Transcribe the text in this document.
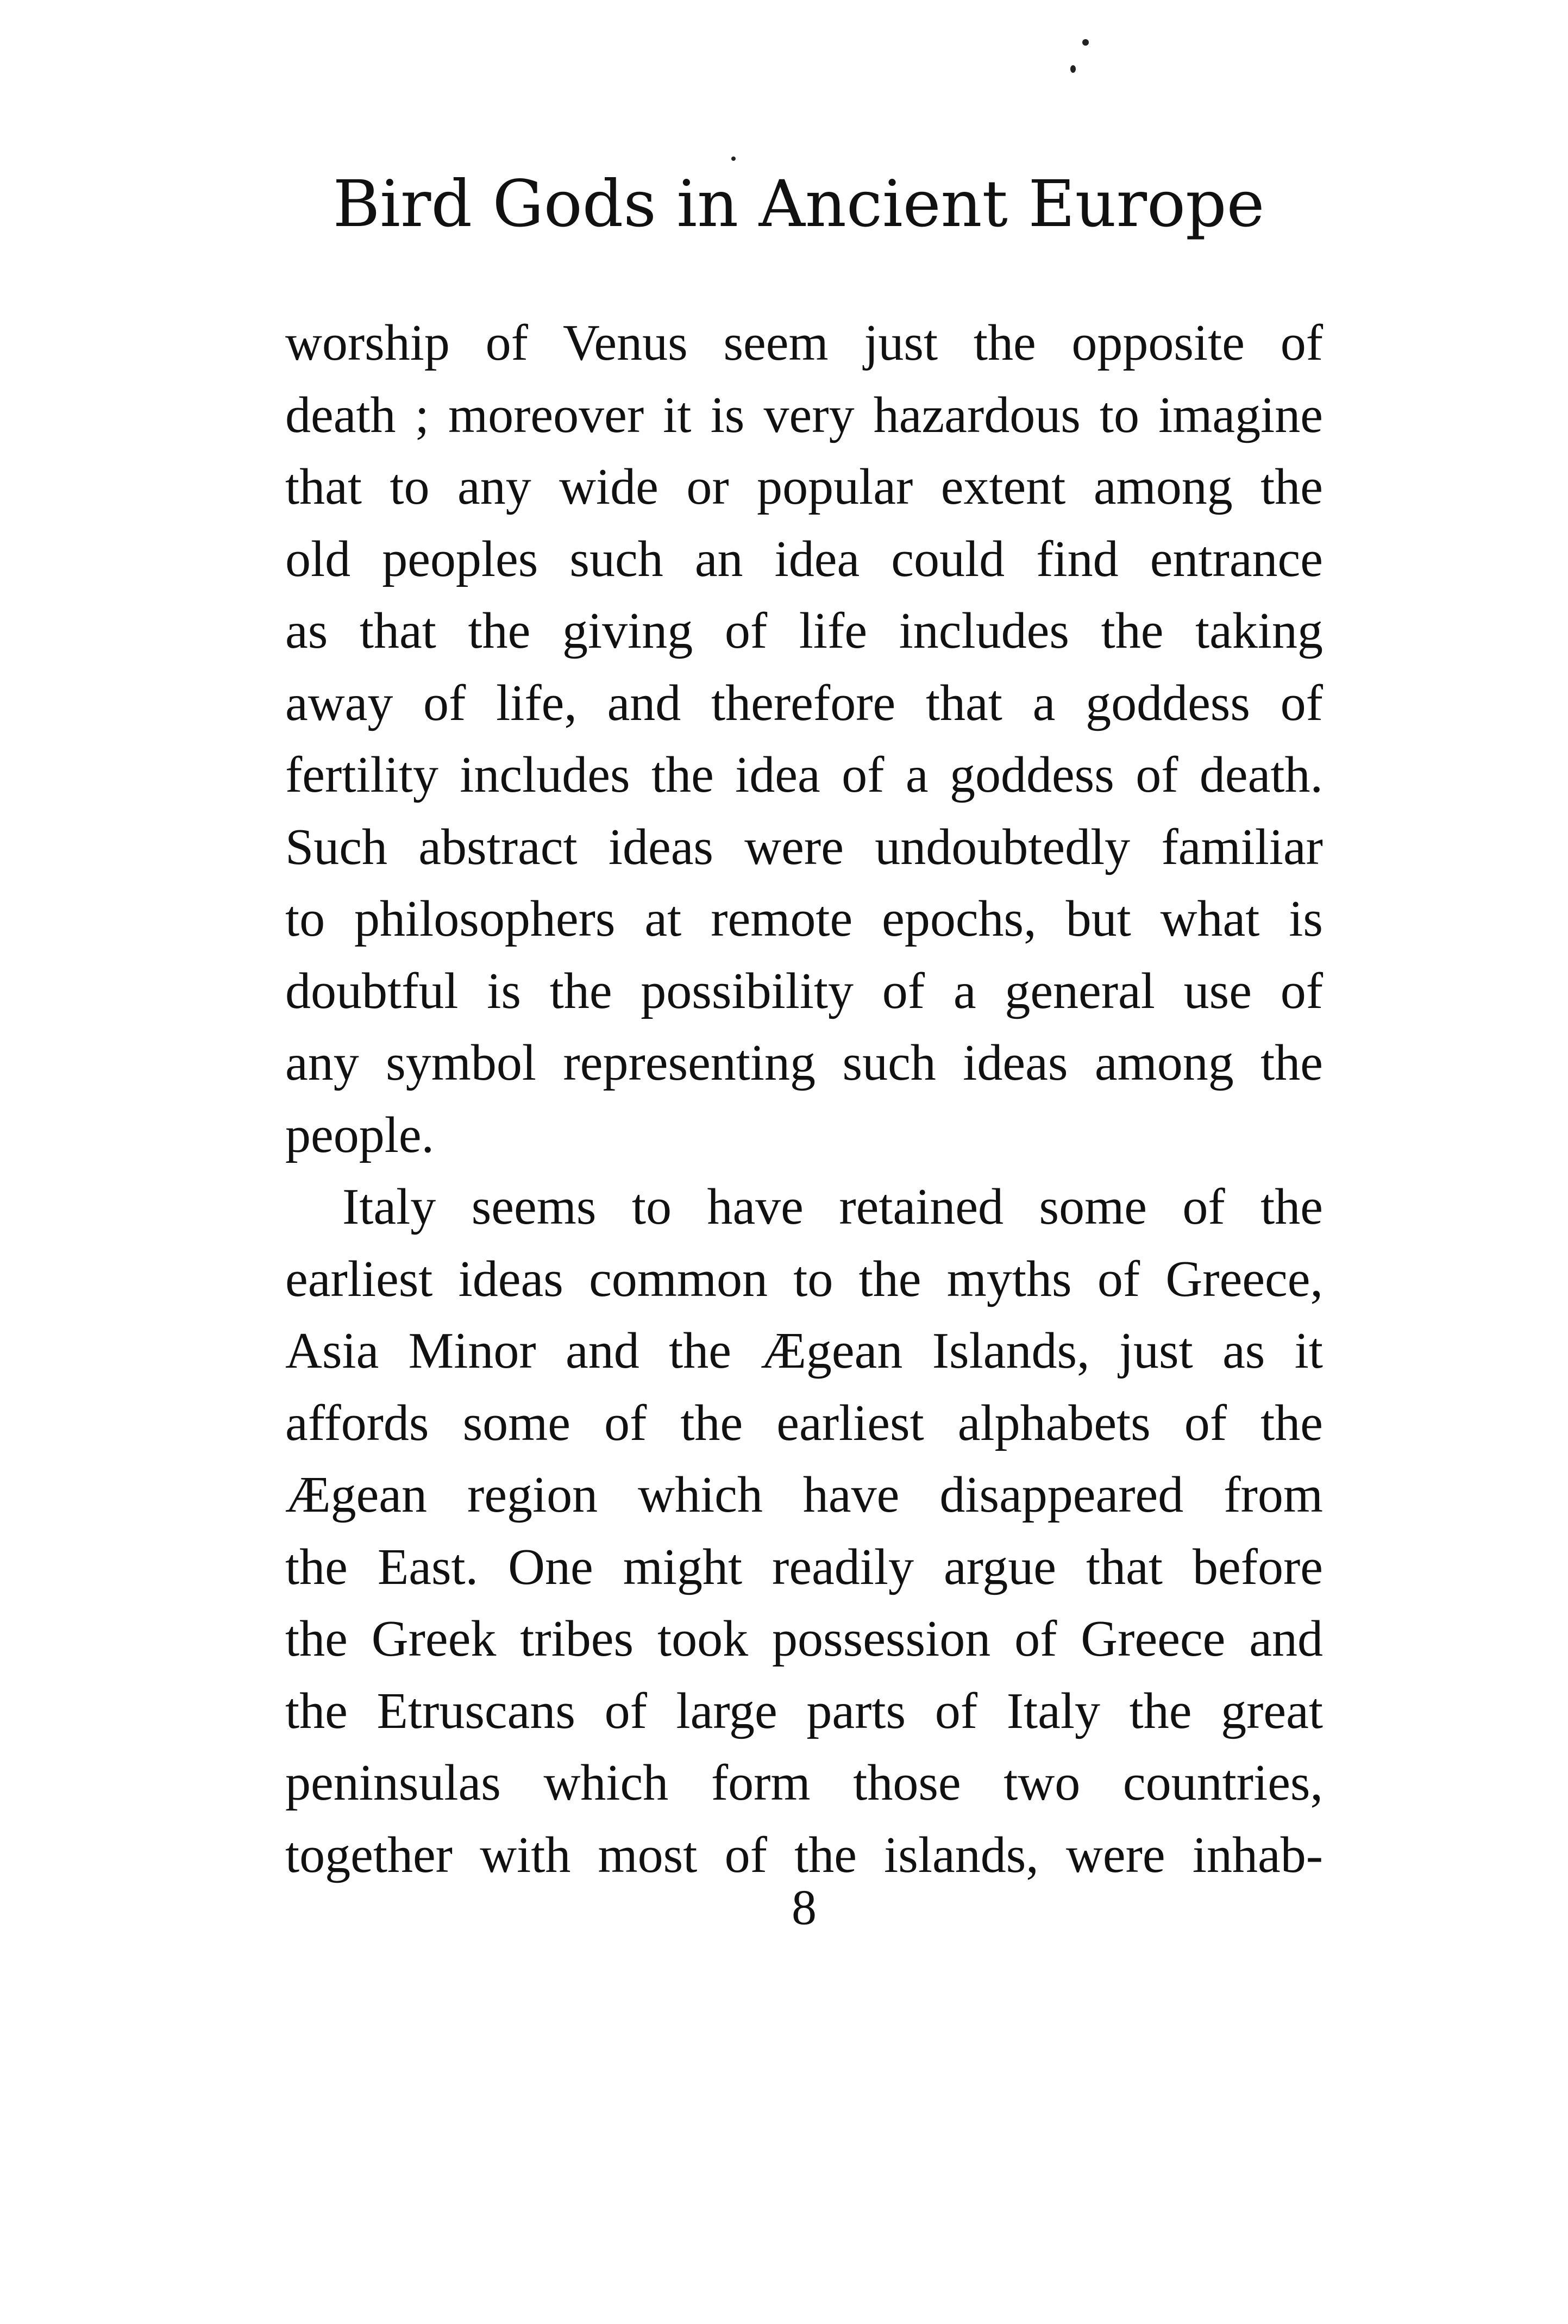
Bird Gods in Ancient Europe
worship of Venus seem just the opposite of
death ; moreover it is very hazardous to imagine
that to any wide or popular extent among the
old peoples such an idea could find entrance
as that the giving of life includes the taking
away of life, and therefore that a goddess of
fertility includes the idea of a goddess of death.
Such abstract ideas were undoubtedly familiar
to philosophers at remote epochs, but what is
doubtful is the possibility of a general use of
any symbol representing such ideas among the
people.
Italy seems to have retained some of the
earliest ideas common to the myths of Greece,
Asia Minor and the Ægean Islands, just as it
affords some of the earliest alphabets of the
Ægean region which have disappeared from
the East. One might readily argue that before
the Greek tribes took possession of Greece and
the Etruscans of large parts of Italy the great
peninsulas which form those two countries,
together with most of the islands, were inhab-
8
